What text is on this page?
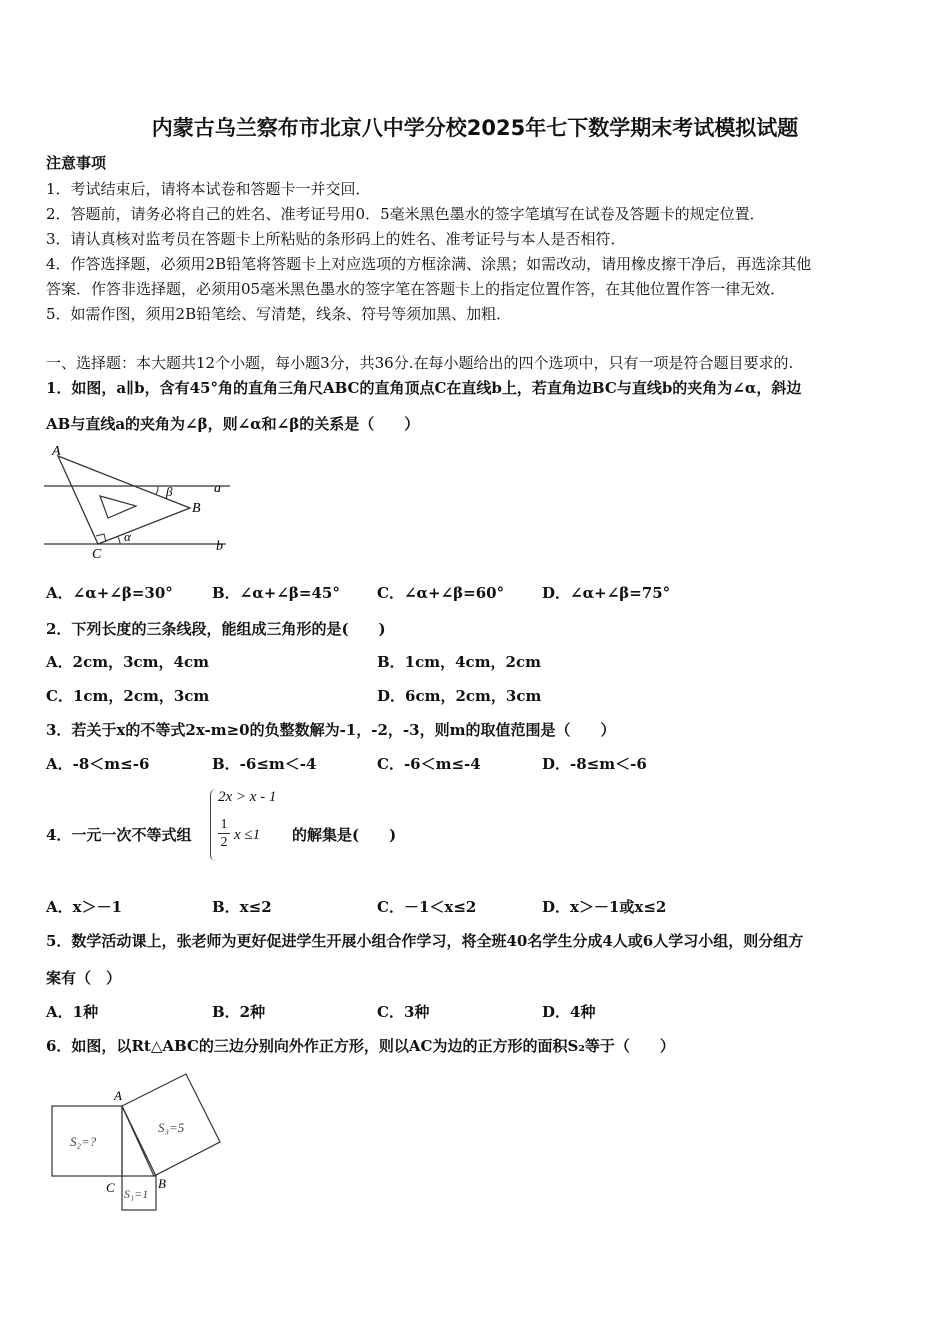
内蒙古乌兰察布市北京八中学分校2025年七下数学期末考试模拟试题
注意事项
1．考试结束后，请将本试卷和答题卡一并交回．
2．答题前，请务必将自己的姓名、准考证号用0．5毫米黑色墨水的签字笔填写在试卷及答题卡的规定位置．
3．请认真核对监考员在答题卡上所粘贴的条形码上的姓名、准考证号与本人是否相符．
4．作答选择题，必须用2B铅笔将答题卡上对应选项的方框涂满、涂黑；如需改动，请用橡皮擦干净后，再选涂其他
答案．作答非选择题，必须用05毫米黑色墨水的签字笔在答题卡上的指定位置作答，在其他位置作答一律无效．
5．如需作图，须用2B铅笔绘、写清楚，线条、符号等须加黑、加粗．
一、选择题：本大题共12个小题，每小题3分，共36分.在每小题给出的四个选项中，只有一项是符合题目要求的.
1．如图，a∥b，含有45°角的直角三角尺ABC的直角顶点C在直线b上，若直角边BC与直线b的夹角为∠α，斜边
AB与直线a的夹角为∠β，则∠α和∠β的关系是（　　）
A
B
C
a
b
α
β
A．∠α+∠β=30°	B．∠α+∠β=45° C．∠α+∠β=60°	D．∠α+∠β=75°
2．下列长度的三条线段，能组成三角形的是(　　)
A．2cm，3cm，4cm	B．1cm，4cm，2cm
C．1cm，2cm，3cm	D．6cm，2cm，3cm
3．若关于x的不等式2x-m≥0的负整数解为-1，-2，-3，则m的取值范围是（　　）
A．-8＜m≤-6	B．-6≤m＜-4	C．-6＜m≤-4	D．-8≤m＜-6
4．一元一次不等式组
2x > x - 1
$\frac{1}{2}$ x ≤1 的解集是(　　)
A．x＞－1	B．x≤2	C．－1＜x≤2	D．x＞－1或x≤2
5．数学活动课上，张老师为更好促进学生开展小组合作学习，将全班40名学生分成4人或6人学习小组，则分组方
案有（　）
A．1种	B．2种	C．3种	D．4种
6．如图，以Rt△ABC的三边分别向外作正方形，则以AC为边的正方形的面积S₂等于（　　）
A
B
C
S₂=?
S₃=5
S₁=1
